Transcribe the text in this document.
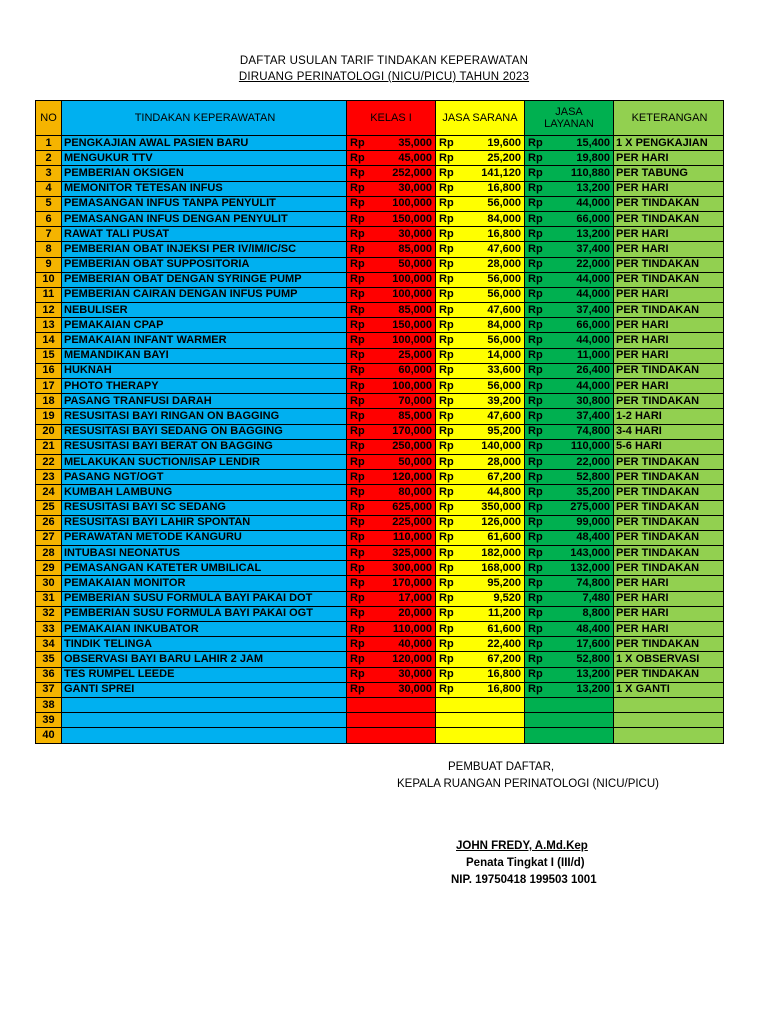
DAFTAR USULAN TARIF TINDAKAN KEPERAWATAN
DIRUANG PERINATOLOGI (NICU/PICU) TAHUN 2023
NO	TINDAKAN KEPERAWATAN	KELAS I	JASA SARANA	JASA
LAYANAN	KETERANGAN
1	PENGKAJIAN AWAL PASIEN BARU	Rp 35,000	Rp 19,600	Rp 15,400	1 X PENGKAJIAN
2	MENGUKUR TTV	Rp 45,000	Rp 25,200	Rp 19,800	PER HARI
3	PEMBERIAN OKSIGEN	Rp 252,000	Rp 141,120	Rp 110,880	PER TABUNG
4	MEMONITOR TETESAN INFUS	Rp 30,000	Rp 16,800	Rp 13,200	PER HARI
5	PEMASANGAN INFUS TANPA PENYULIT	Rp 100,000	Rp 56,000	Rp 44,000	PER TINDAKAN
6	PEMASANGAN INFUS DENGAN PENYULIT	Rp 150,000	Rp 84,000	Rp 66,000	PER TINDAKAN
7	RAWAT TALI PUSAT	Rp 30,000	Rp 16,800	Rp 13,200	PER HARI
8	PEMBERIAN OBAT INJEKSI PER IV/IM/IC/SC	Rp 85,000	Rp 47,600	Rp 37,400	PER HARI
9	PEMBERIAN OBAT SUPPOSITORIA	Rp 50,000	Rp 28,000	Rp 22,000	PER TINDAKAN
10	PEMBERIAN OBAT DENGAN SYRINGE PUMP	Rp 100,000	Rp 56,000	Rp 44,000	PER TINDAKAN
11	PEMBERIAN CAIRAN DENGAN INFUS PUMP	Rp 100,000	Rp 56,000	Rp 44,000	PER HARI
12	NEBULISER	Rp 85,000	Rp 47,600	Rp 37,400	PER TINDAKAN
13	PEMAKAIAN CPAP	Rp 150,000	Rp 84,000	Rp 66,000	PER HARI
14	PEMAKAIAN INFANT WARMER	Rp 100,000	Rp 56,000	Rp 44,000	PER HARI
15	MEMANDIKAN BAYI	Rp 25,000	Rp 14,000	Rp 11,000	PER HARI
16	HUKNAH	Rp 60,000	Rp 33,600	Rp 26,400	PER TINDAKAN
17	PHOTO THERAPY	Rp 100,000	Rp 56,000	Rp 44,000	PER HARI
18	PASANG TRANFUSI DARAH	Rp 70,000	Rp 39,200	Rp 30,800	PER TINDAKAN
19	RESUSITASI BAYI RINGAN ON BAGGING	Rp 85,000	Rp 47,600	Rp 37,400	1-2 HARI
20	RESUSITASI BAYI SEDANG ON BAGGING	Rp 170,000	Rp 95,200	Rp 74,800	3-4 HARI
21	RESUSITASI BAYI BERAT ON BAGGING	Rp 250,000	Rp 140,000	Rp 110,000	5-6 HARI
22	MELAKUKAN SUCTION/ISAP LENDIR	Rp 50,000	Rp 28,000	Rp 22,000	PER TINDAKAN
23	PASANG NGT/OGT	Rp 120,000	Rp 67,200	Rp 52,800	PER TINDAKAN
24	KUMBAH LAMBUNG	Rp 80,000	Rp 44,800	Rp 35,200	PER TINDAKAN
25	RESUSITASI BAYI SC SEDANG	Rp 625,000	Rp 350,000	Rp 275,000	PER TINDAKAN
26	RESUSITASI BAYI LAHIR SPONTAN	Rp 225,000	Rp 126,000	Rp 99,000	PER TINDAKAN
27	PERAWATAN METODE KANGURU	Rp 110,000	Rp 61,600	Rp 48,400	PER TINDAKAN
28	INTUBASI NEONATUS	Rp 325,000	Rp 182,000	Rp 143,000	PER TINDAKAN
29	PEMASANGAN KATETER UMBILICAL	Rp 300,000	Rp 168,000	Rp 132,000	PER TINDAKAN
30	PEMAKAIAN MONITOR	Rp 170,000	Rp 95,200	Rp 74,800	PER HARI
31	PEMBERIAN SUSU FORMULA BAYI PAKAI DOT	Rp 17,000	Rp 9,520	Rp 7,480	PER HARI
32	PEMBERIAN SUSU FORMULA BAYI PAKAI OGT	Rp 20,000	Rp 11,200	Rp 8,800	PER HARI
33	PEMAKAIAN INKUBATOR	Rp 110,000	Rp 61,600	Rp 48,400	PER HARI
34	TINDIK TELINGA	Rp 40,000	Rp 22,400	Rp 17,600	PER TINDAKAN
35	OBSERVASI BAYI BARU LAHIR 2 JAM	Rp 120,000	Rp 67,200	Rp 52,800	1 X OBSERVASI
36	TES RUMPEL LEEDE	Rp 30,000	Rp 16,800	Rp 13,200	PER TINDAKAN
37	GANTI SPREI	Rp 30,000	Rp 16,800	Rp 13,200	1 X GANTI
38					
39					
40					
PEMBUAT DAFTAR,
KEPALA RUANGAN PERINATOLOGI (NICU/PICU)
JOHN FREDY, A.Md.Kep
Penata Tingkat I (III/d)
NIP. 19750418 199503 1001
